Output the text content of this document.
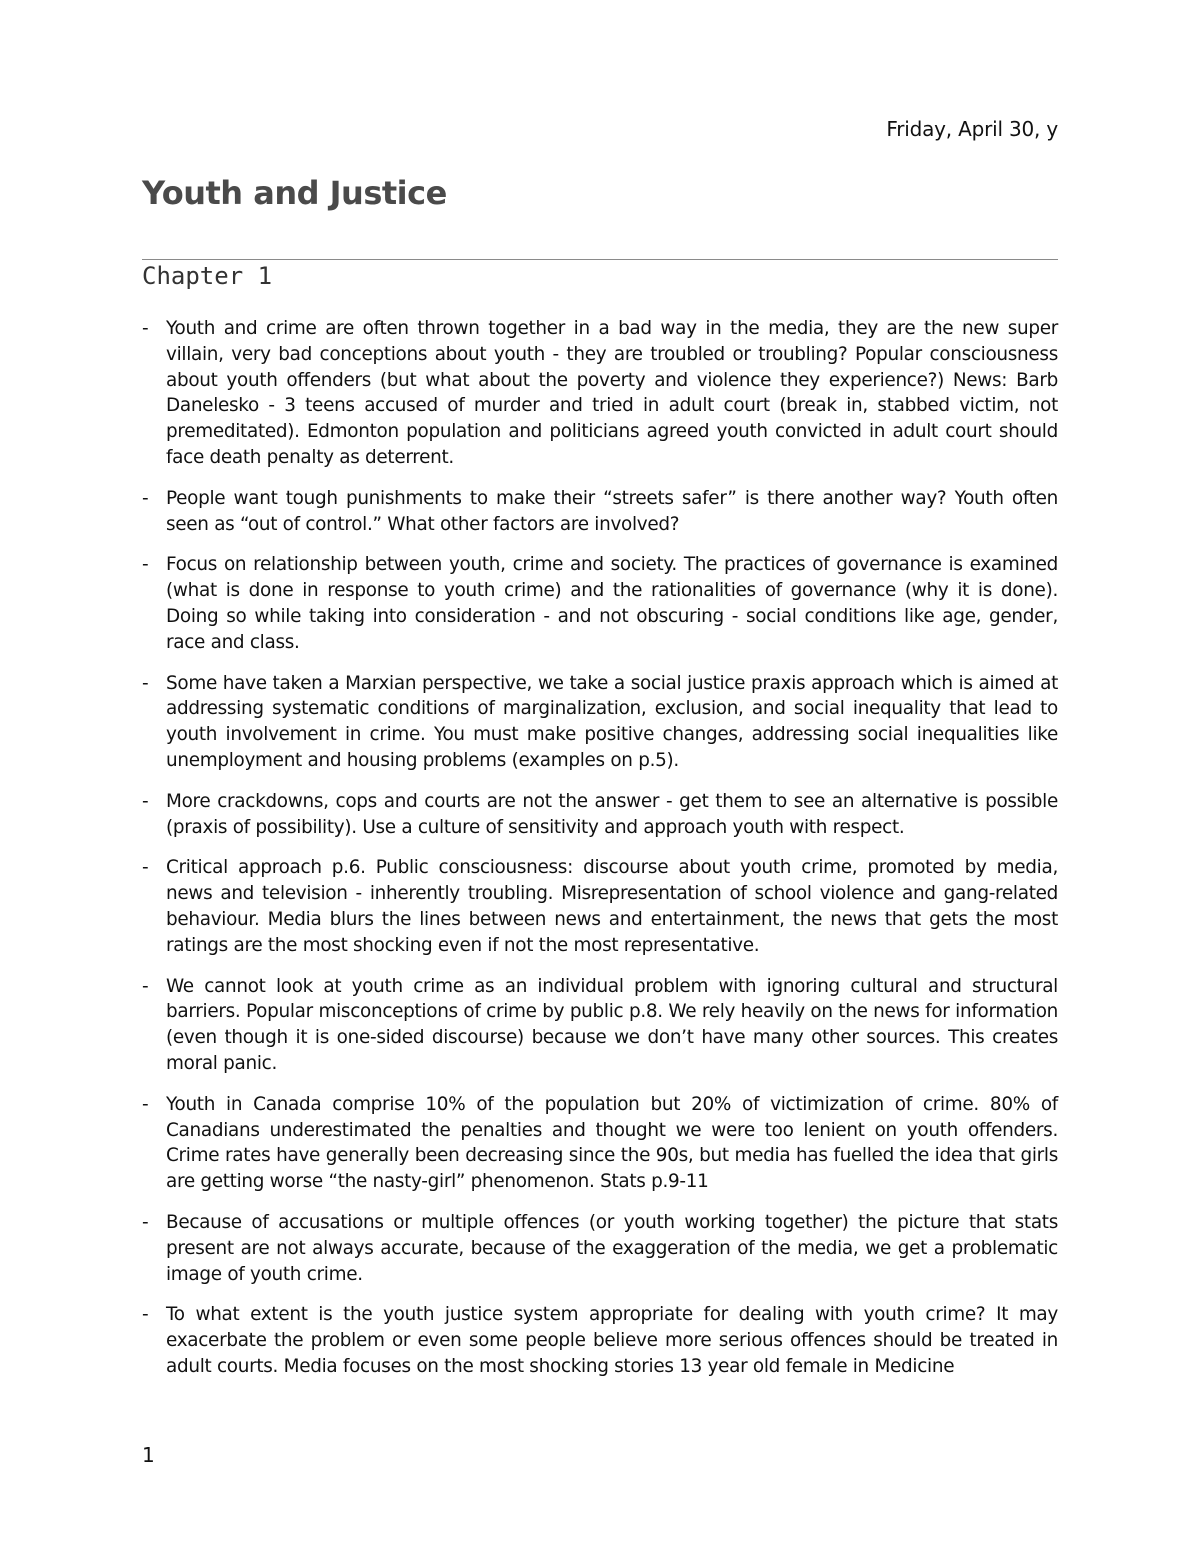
Friday, April 30, y
Youth and Justice
Chapter 1
- Youth and crime are often thrown together in a bad way in the media, they are the new super villain, very bad conceptions about youth - they are troubled or troubling? Popular consciousness about youth offenders (but what about the poverty and violence they experience?) News: Barb Danelesko - 3 teens accused of murder and tried in adult court (break in, stabbed victim, not premeditated). Edmonton population and politicians agreed youth convicted in adult court should face death penalty as deterrent.
- People want tough punishments to make their “streets safer” is there another way? Youth often seen as “out of control.” What other factors are involved?
- Focus on relationship between youth, crime and society. The practices of governance is examined (what is done in response to youth crime) and the rationalities of governance (why it is done). Doing so while taking into consideration - and not obscuring - social conditions like age, gender, race and class.
- Some have taken a Marxian perspective, we take a social justice praxis approach which is aimed at addressing systematic conditions of marginalization, exclusion, and social inequality that lead to youth involvement in crime. You must make positive changes, addressing social inequalities like unemployment and housing problems (examples on p.5).
- More crackdowns, cops and courts are not the answer - get them to see an alternative is possible (praxis of possibility). Use a culture of sensitivity and approach youth with respect.
- Critical approach p.6. Public consciousness: discourse about youth crime, promoted by media, news and television - inherently troubling. Misrepresentation of school violence and gang-related behaviour. Media blurs the lines between news and entertainment, the news that gets the most ratings are the most shocking even if not the most representative.
- We cannot look at youth crime as an individual problem with ignoring cultural and structural barriers. Popular misconceptions of crime by public p.8. We rely heavily on the news for information (even though it is one-sided discourse) because we don’t have many other sources. This creates moral panic.
- Youth in Canada comprise 10% of the population but 20% of victimization of crime. 80% of Canadians underestimated the penalties and thought we were too lenient on youth offenders. Crime rates have generally been decreasing since the 90s, but media has fuelled the idea that girls are getting worse “the nasty-girl” phenomenon. Stats p.9-11
- Because of accusations or multiple offences (or youth working together) the picture that stats present are not always accurate, because of the exaggeration of the media, we get a problematic image of youth crime.
- To what extent is the youth justice system appropriate for dealing with youth crime? It may exacerbate the problem or even some people believe more serious offences should be treated in adult courts. Media focuses on the most shocking stories 13 year old female in Medicine
1
